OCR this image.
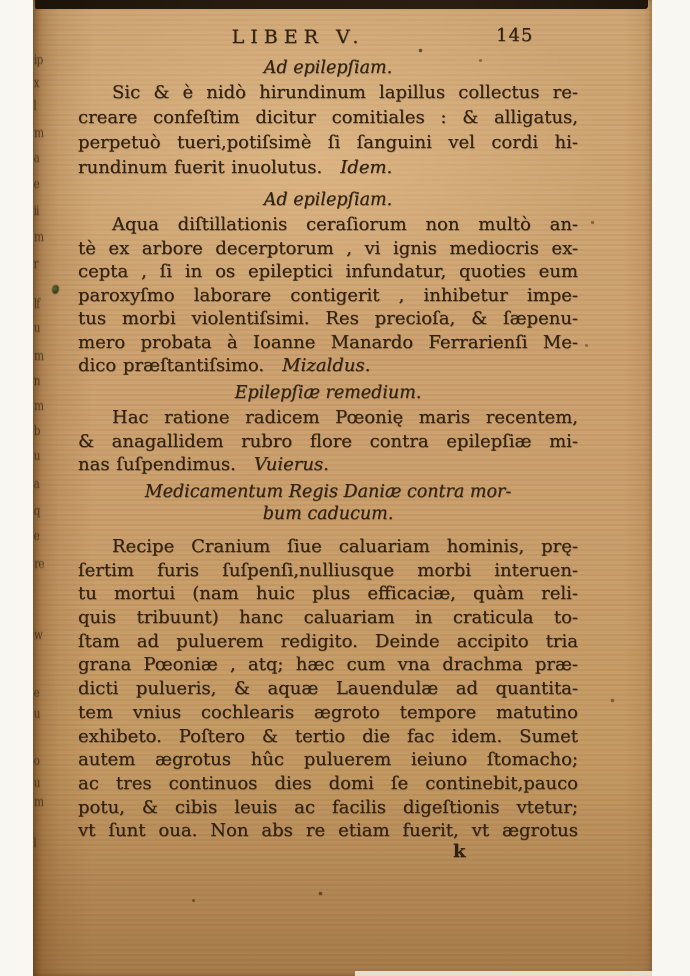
ip
x
l
m
a
e
ii
m
r
lf
u
m
n
m
b
u
a
q
e
re
w
e
u
o
u
m
l
LIBER V.	145
Ad epilepſiam.
Sic & è nidò hirundinum lapillus collectus re-
creare confeſtim dicitur comitiales : & alligatus,
perpetuò tueri,potiſsimè ſi ſanguini vel cordi hi-
rundinum fuerit inuolutus. Idem.
Ad epilepſiam.
Aqua diſtillationis ceraſiorum non multò an-
tè ex arbore decerptorum , vi ignis mediocris ex-
cepta , ſi in os epileptici infundatur, quoties eum
paroxyſmo laborare contigerit , inhibetur impe-
tus morbi violentiſsimi. Res precioſa, & ſæpenu-
mero probata à Ioanne Manardo Ferrarienſi Me-
dico præſtantiſsimo. Mizaldus.
Epilepſiæ remedium.
Hac ratione radicem Pœonię maris recentem,
& anagallidem rubro flore contra epilepſiæ mi-
nas ſuſpendimus. Vuierus.
Medicamentum Regis Daniæ contra mor-
bum caducum.
Recipe Cranium ſiue caluariam hominis, prę-
ſertim furis ſuſpenſi,nulliusque morbi interuen-
tu mortui (nam huic plus efficaciæ, quàm reli-
quis tribuunt) hanc caluariam in craticula to-
ſtam ad puluerem redigito. Deinde accipito tria
grana Pœoniæ , atq; hæc cum vna drachma præ-
dicti pulueris, & aquæ Lauendulæ ad quantita-
tem vnius cochlearis ægroto tempore matutino
exhibeto. Poſtero & tertio die fac idem. Sumet
autem ægrotus hûc puluerem ieiuno ſtomacho;
ac tres continuos dies domi ſe continebit,pauco
potu, & cibis leuis ac facilis digeſtionis vtetur;
vt ſunt oua. Non abs re etiam fuerit, vt ægrotus
k
